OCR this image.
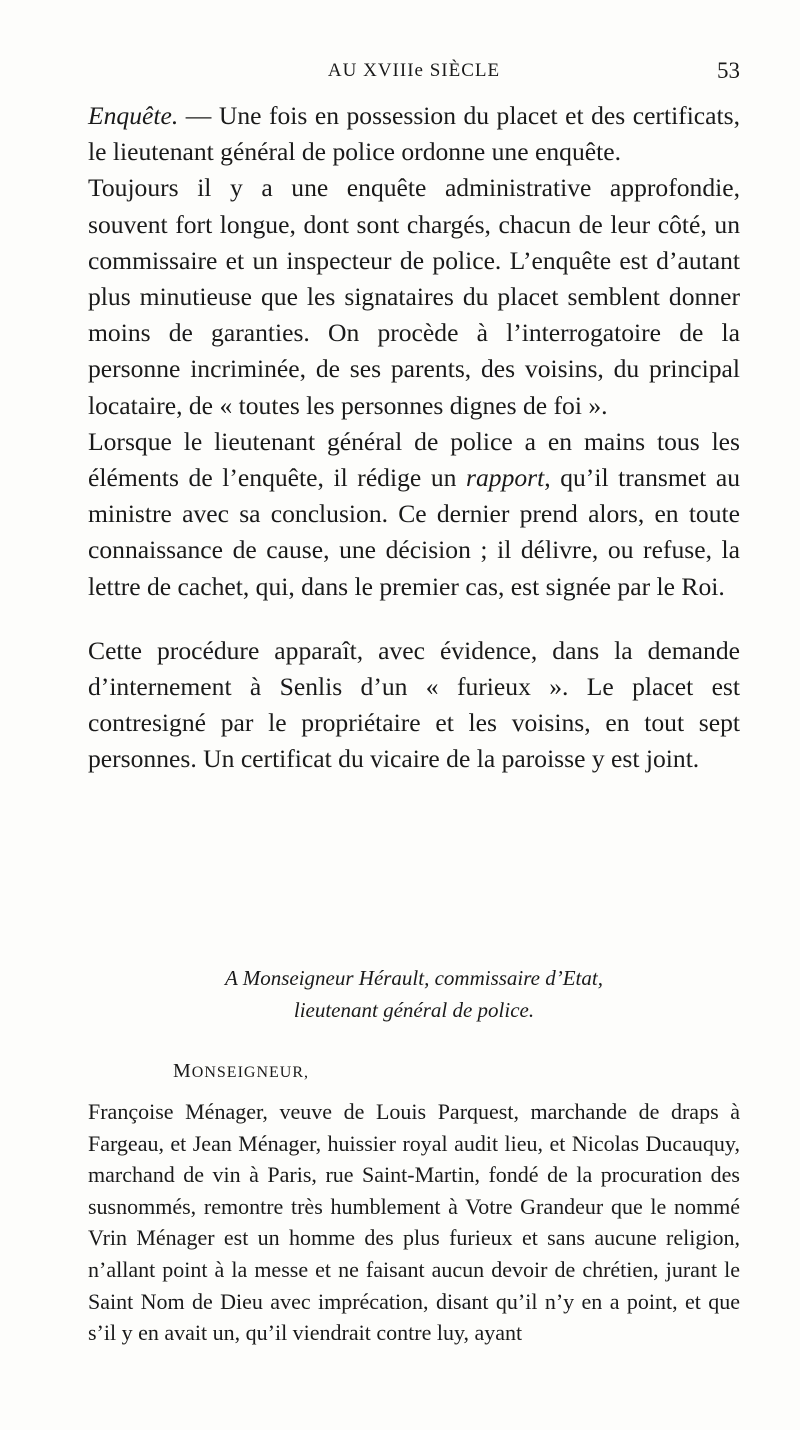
AU XVIIIe SIÈCLE	53

Enquête. — Une fois en possession du placet et des certificats, le lieutenant général de police ordonne une enquête.

Toujours il y a une enquête administrative approfondie, souvent fort longue, dont sont chargés, chacun de leur côté, un commissaire et un inspecteur de police. L’enquête est d’autant plus minutieuse que les signataires du placet semblent donner moins de garanties. On procède à l’interrogatoire de la personne incriminée, de ses parents, des voisins, du principal locataire, de « toutes les personnes dignes de foi ».

Lorsque le lieutenant général de police a en mains tous les éléments de l’enquête, il rédige un rapport, qu’il transmet au ministre avec sa conclusion. Ce dernier prend alors, en toute connaissance de cause, une décision ; il délivre, ou refuse, la lettre de cachet, qui, dans le premier cas, est signée par le Roi.

Cette procédure apparaît, avec évidence, dans la demande d’internement à Senlis d’un « furieux ». Le placet est contresigné par le propriétaire et les voisins, en tout sept personnes. Un certificat du vicaire de la paroisse y est joint.

A Monseigneur Hérault, commissaire d’Etat,
lieutenant général de police.
MONSEIGNEUR,

Françoise Ménager, veuve de Louis Parquest, marchande de draps à Fargeau, et Jean Ménager, huissier royal audit lieu, et Nicolas Ducauquy, marchand de vin à Paris, rue Saint-Martin, fondé de la procuration des susnommés, remontre très humblement à Votre Grandeur que le nommé Vrin Ménager est un homme des plus furieux et sans aucune religion, n’allant point à la messe et ne faisant aucun devoir de chrétien, jurant le Saint Nom de Dieu avec imprécation, disant qu’il n’y en a point, et que s’il y en avait un, qu’il viendrait contre luy, ayant
